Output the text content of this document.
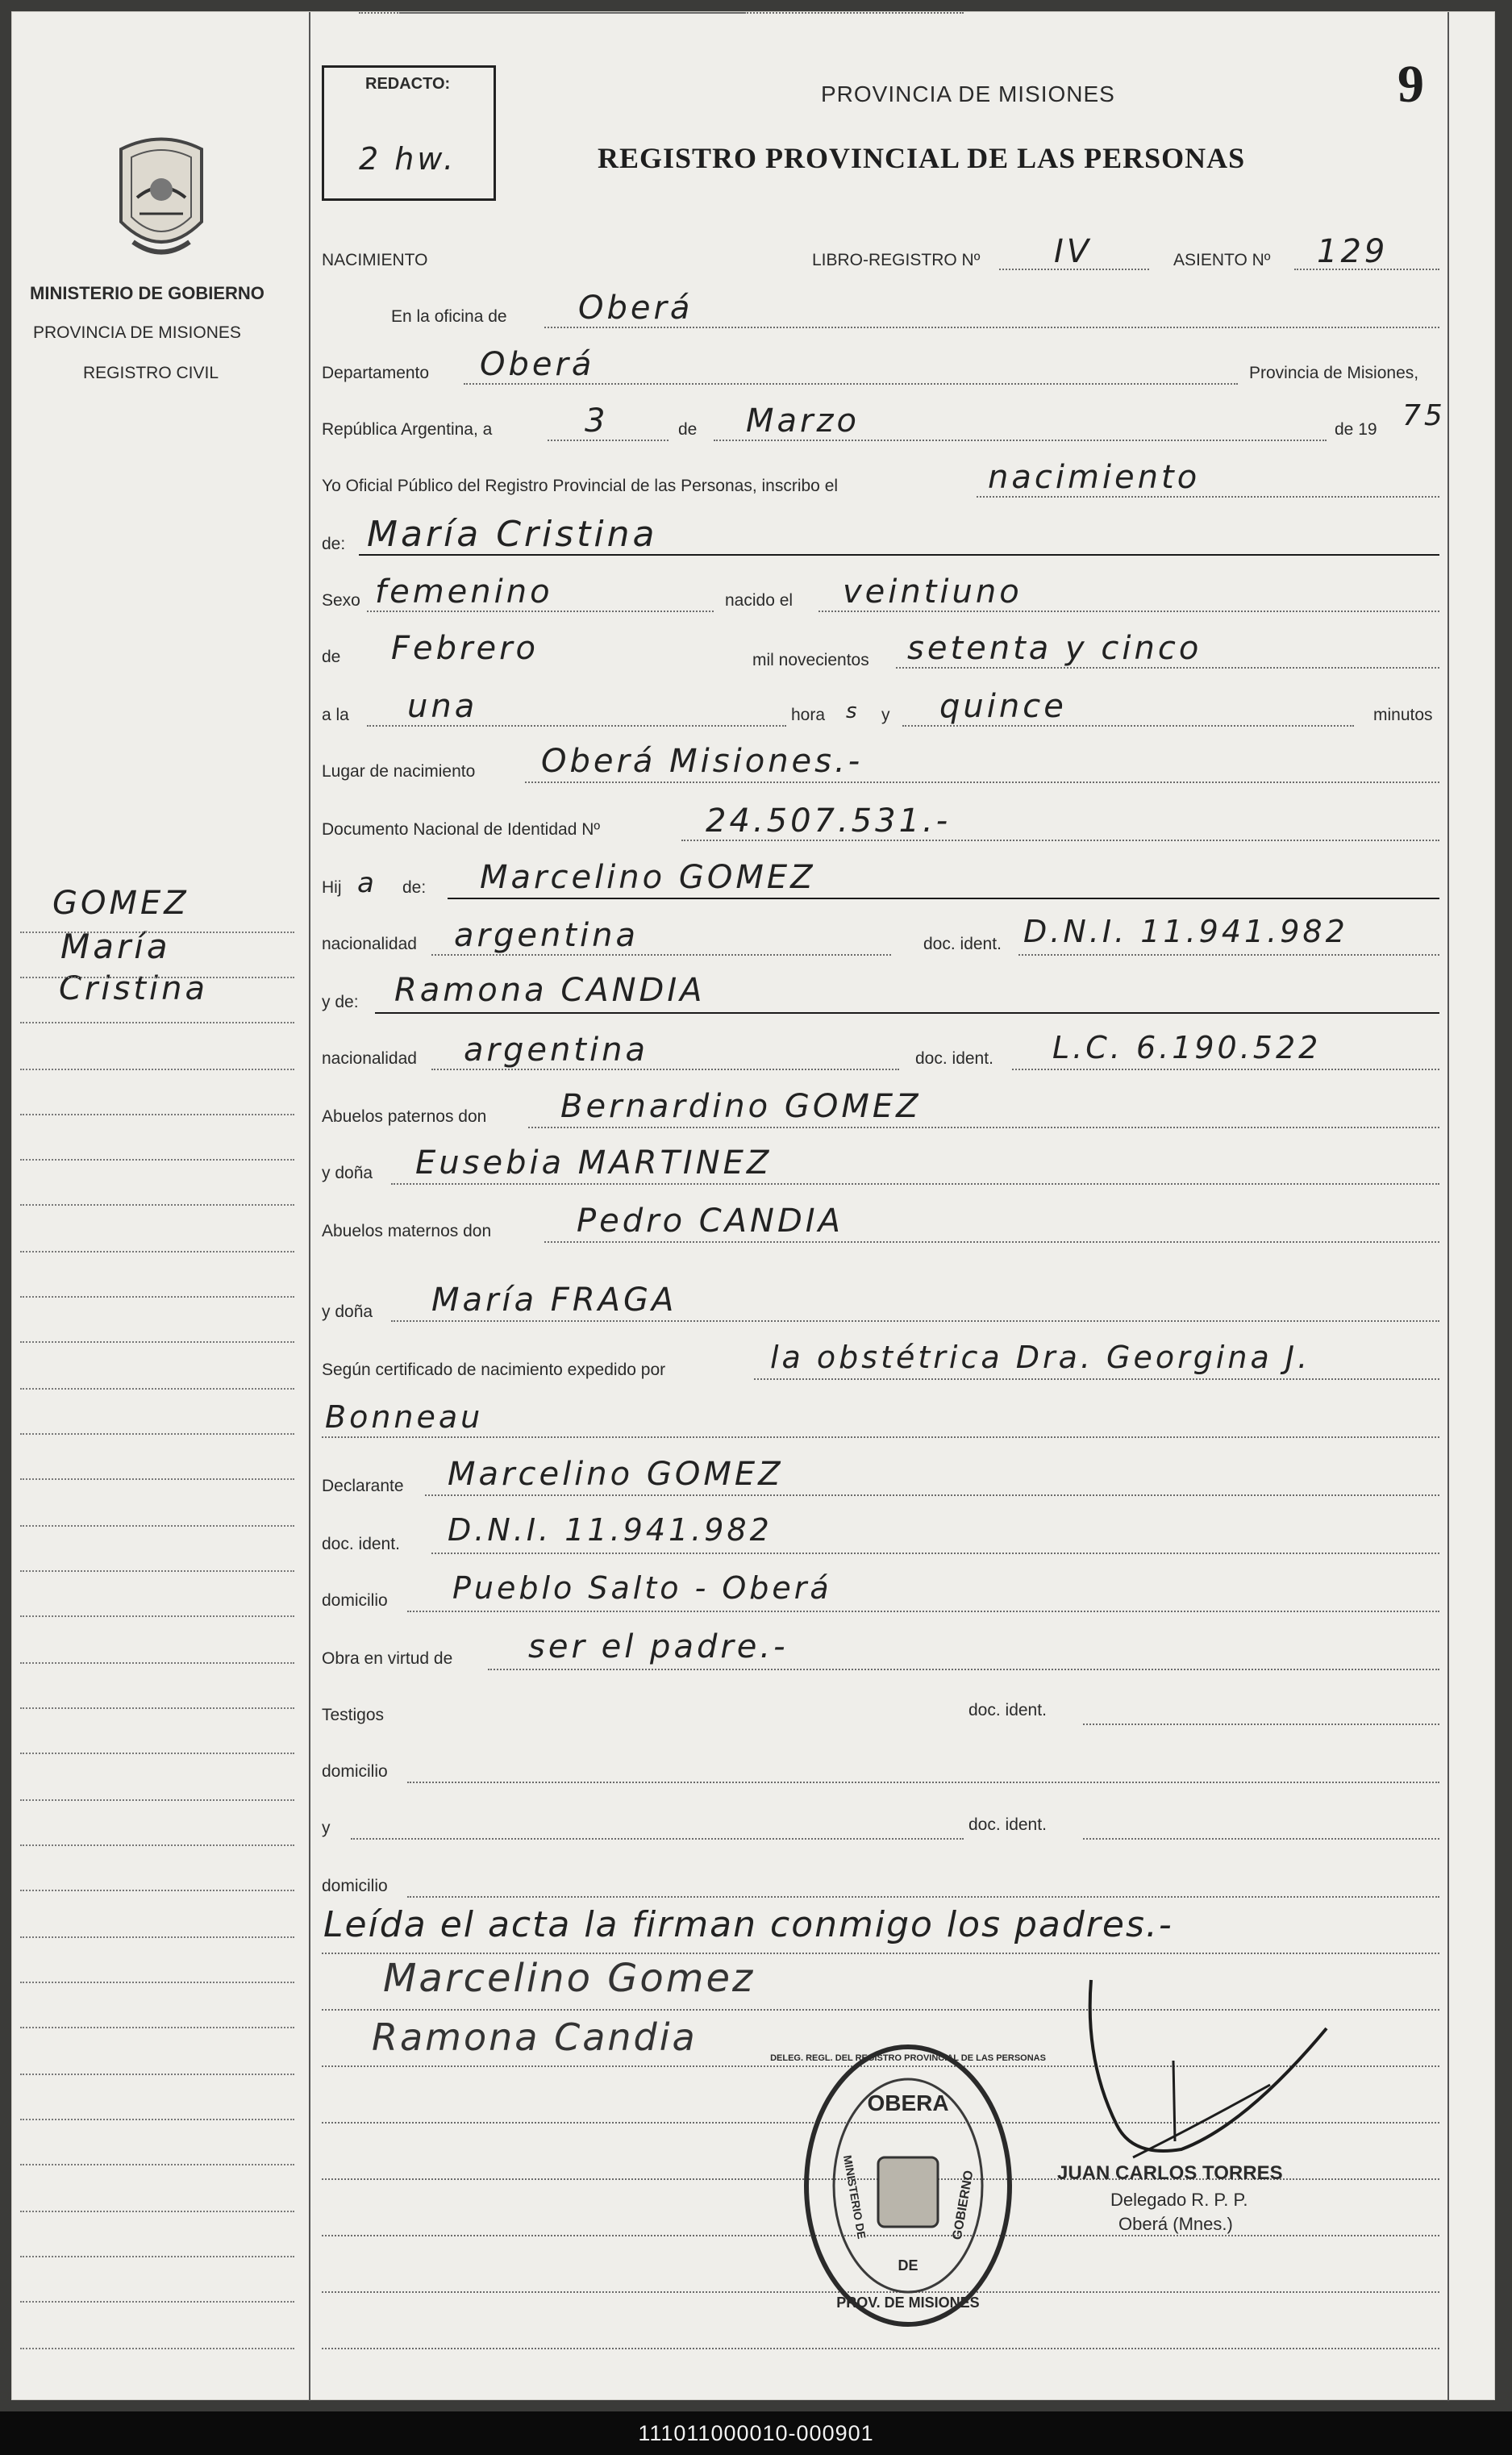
MINISTERIO DE GOBIERNO
PROVINCIA DE MISIONES
REGISTRO CIVIL
GOMEZ
María
Cristina
REDACTO:
2 hw.
PROVINCIA DE MISIONES
REGISTRO PROVINCIAL DE LAS PERSONAS
9
NACIMIENTO	LIBRO-REGISTRO Nº IV	ASIENTO Nº 129
En la oficina de Oberá
Departamento Oberá	Provincia de Misiones,
República Argentina, a	3	de Marzo	de 19 75
Yo Oficial Público del Registro Provincial de las Personas, inscribo el	nacimiento
de: María Cristina
Sexo femenino	nacido el veintiuno
de Febrero	mil novecientos setenta y cinco
a la una	hora s y quince	minutos
Lugar de nacimiento Oberá Misiones.-
Documento Nacional de Identidad Nº	24.507.531.-
Hij a de: Marcelino GOMEZ
nacionalidad argentina	doc. ident. D.N.I. 11.941.982
y de: Ramona CANDIA
nacionalidad argentina	doc. ident. L.C. 6.190.522
Abuelos paternos don Bernardino GOMEZ
y doña Eusebia MARTINEZ
Abuelos maternos don	Pedro CANDIA
y doña María FRAGA
Según certificado de nacimiento expedido por	la obstétrica Dra. Georgina J.
Bonneau
Declarante Marcelino GOMEZ
doc. ident. D.N.I. 11.941.982
domicilio Pueblo Salto - Oberá
Obra en virtud de ser el padre.-
Testigos	doc. ident.
domicilio
y	doc. ident.
domicilio
Leída el acta la firman conmigo los padres.-
Marcelino Gomez
Ramona Candia
OBERA
PROV. DE MISIONES
DE
MINISTERIO DE	GOBIERNO
DELEG. REGL. DEL REGISTRO PROVINCIAL DE LAS PERSONAS
JUAN CARLOS TORRES
Delegado R. P. P.
Oberá (Mnes.)
111011000010-000901
